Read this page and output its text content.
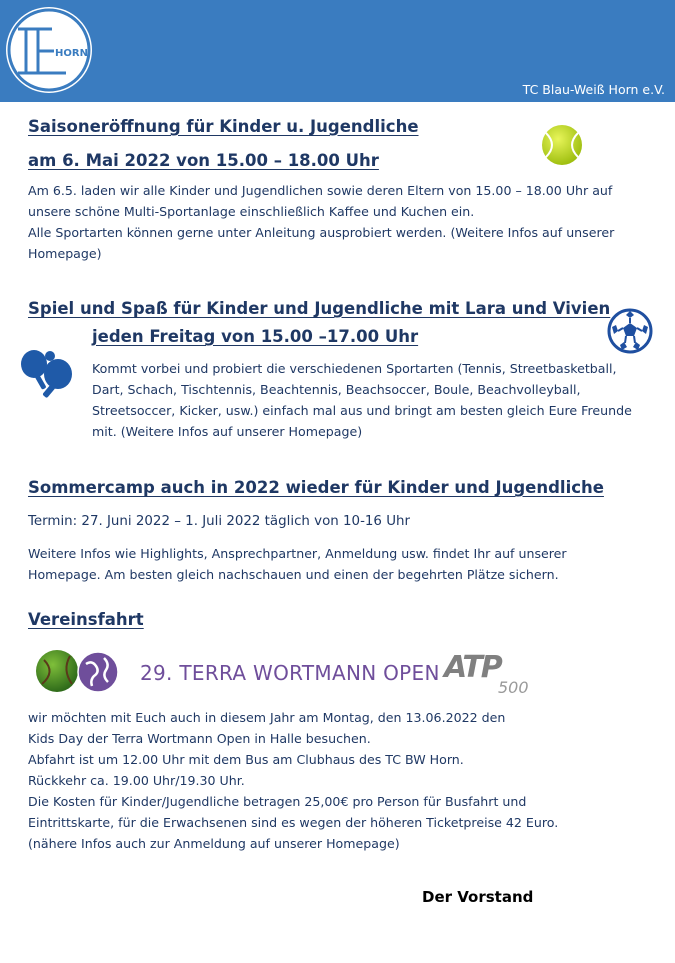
HORN
TC Blau-Weiß Horn e.V.
Saisoneröffnung für Kinder u. Jugendliche
am 6. Mai 2022 von 15.00 – 18.00 Uhr
Am 6.5. laden wir alle Kinder und Jugendlichen sowie deren Eltern von 15.00 – 18.00 Uhr auf
unsere schöne Multi-Sportanlage einschließlich Kaffee und Kuchen ein.
Alle Sportarten können gerne unter Anleitung ausprobiert werden. (Weitere Infos auf unserer
Homepage)
Spiel und Spaß für Kinder und Jugendliche mit Lara und Vivien
jeden Freitag von 15.00 –17.00 Uhr
Kommt vorbei und probiert die verschiedenen Sportarten (Tennis, Streetbasketball,
Dart, Schach, Tischtennis, Beachtennis, Beachsoccer, Boule, Beachvolleyball,
Streetsoccer, Kicker, usw.) einfach mal aus und bringt am besten gleich Eure Freunde
mit. (Weitere Infos auf unserer Homepage)
Sommercamp auch in 2022 wieder für Kinder und Jugendliche
Termin: 27. Juni 2022 – 1. Juli 2022 täglich von 10-16 Uhr
Weitere Infos wie Highlights, Ansprechpartner, Anmeldung usw. findet Ihr auf unserer
Homepage. Am besten gleich nachschauen und einen der begehrten Plätze sichern.
Vereinsfahrt
29. TERRA WORTMANN OPEN ATP
500
wir möchten mit Euch auch in diesem Jahr am Montag, den 13.06.2022 den
Kids Day der Terra Wortmann Open in Halle besuchen.
Abfahrt ist um 12.00 Uhr mit dem Bus am Clubhaus des TC BW Horn.
Rückkehr ca. 19.00 Uhr/19.30 Uhr.
Die Kosten für Kinder/Jugendliche betragen 25,00€ pro Person für Busfahrt und
Eintrittskarte, für die Erwachsenen sind es wegen der höheren Ticketpreise 42 Euro.
(nähere Infos auch zur Anmeldung auf unserer Homepage)
Der Vorstand
